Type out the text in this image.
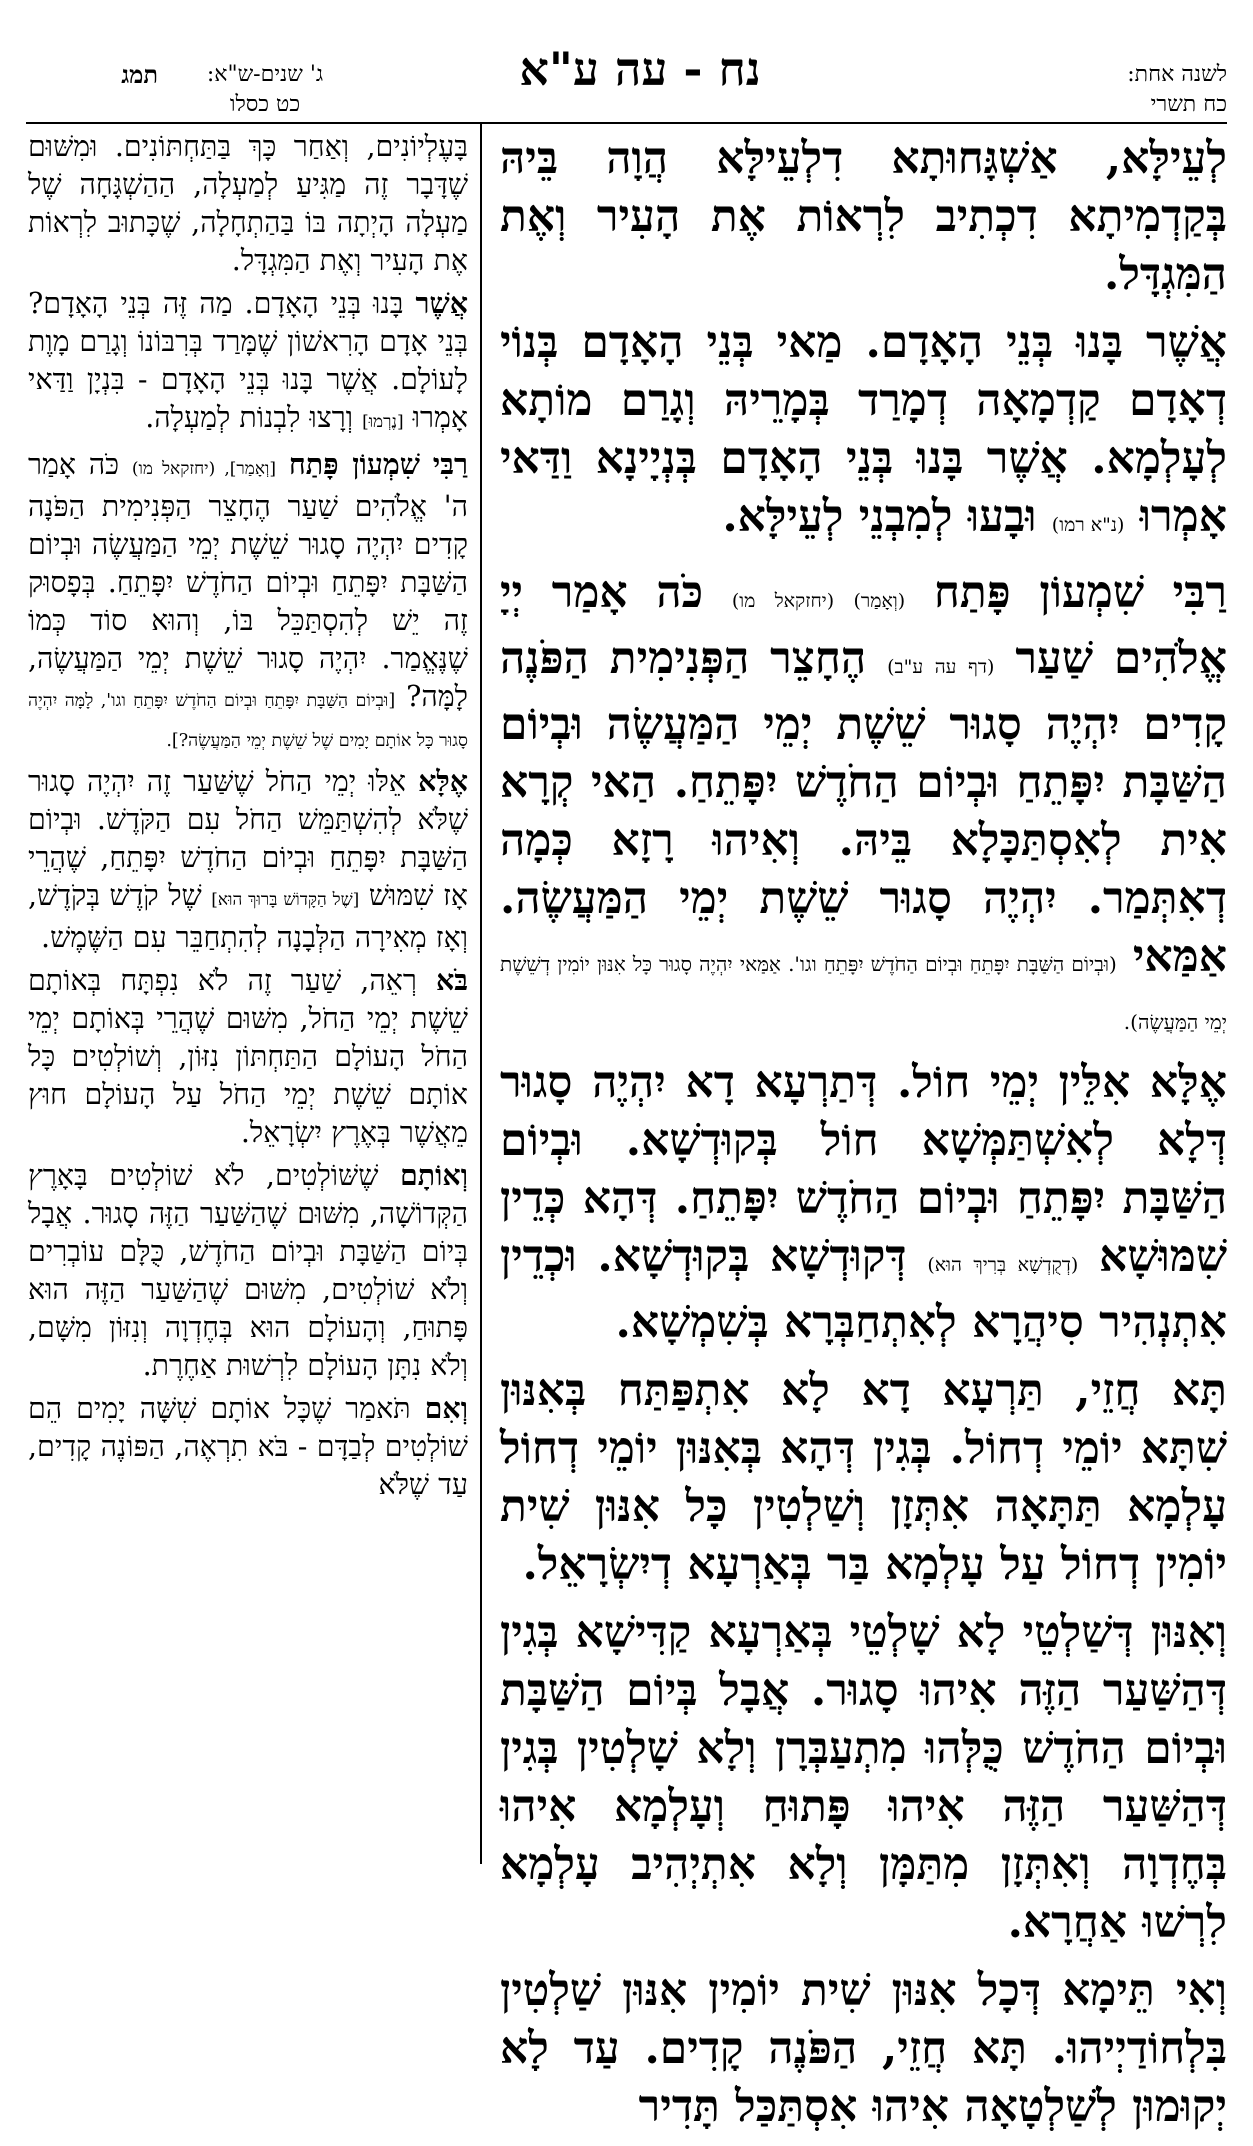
תמג	ג' שנים-ש"א:
כט כסלו
נח - עה ע"א	לשנה אחת:
כח תשרי

לְעֵילָּא, אַשְׁגָּחוּתָא דִלְעֵילָּא הֲוָה בֵּיהּ בְּקַדְמִיתָא דִכְתִיב לִרְאוֹת אֶת הָעִיר וְאֶת הַמִּגְדָּל.

אֲשֶׁר בָּנוּ בְּנֵי הָאָדָם. מַאי בְּנֵי הָאָדָם בְּנוֹי דְאָדָם קַדְמָאָה דְמָרַד בְּמָרֵיהּ וְגָרַם מוֹתָא לְעָלְמָא. אֲשֶׁר בָּנוּ בְּנֵי הָאָדָם בְּנְיָינָא וַדַּאי אָמְרוּ (נ"א רמו) וּבָעוּ לְמִבְנֵי לְעֵילָּא.

רַבִּי שִׁמְעוֹן פָּתַח (וְאָמַר) (יחזקאל מו) כֹּה אָמַר יְיָ אֱלֹהִים שַׁעַר (דף עה ע"ב) הֶחָצֵר הַפְּנִימִית הַפֹּנֶה קָדִים יִהְיֶה סָגוּר שֵׁשֶׁת יְמֵי הַמַּעֲשֶׂה וּבְיוֹם הַשַּׁבָּת יִפָּתֵחַ וּבְיוֹם הַחֹדֶשׁ יִפָּתֵחַ. הַאי קְרָא אִית לְאִסְתַּכָּלָא בֵּיהּ. וְאִיהוּ רָזָא כְּמָה דְאִתְּמַר. יִהְיֶה סָגוּר שֵׁשֶׁת יְמֵי הַמַּעֲשֶׂה. אַמַּאי (וּבְיוֹם הַשַּׁבָּת יִפָּתֵחַ וּבְיוֹם הַחֹדֶשׁ יִפָּתֵחַ וגו'. אַמַּאי יִהְיֶה סָגוּר כָּל אִנּוּן יוֹמִין דְשֵׁשֶׁת יְמֵי הַמַּעֲשֶׂה).

אֶלָּא אִלֵּין יְמֵי חוֹל. דְּתַרְעָא דָא יִהְיֶה סָגוּר דְּלָא לְאִשְׁתַּמְּשָׁא חוֹל בְּקוּדְשָׁא. וּבְיוֹם הַשַּׁבָּת יִפָּתֵחַ וּבְיוֹם הַחֹדֶשׁ יִפָּתֵחַ. דְּהָא כְּדֵין שִׁמּוּשָׁא (דְקֻדְשָׁא בְּרִיךְ הוּא) דְּקוּדְשָׁא בְּקוּדְשָׁא. וּכְדֵין אִתְנְהִיר סִיהֲרָא לְאִתְחַבְּרָא בְּשִׁמְשָׁא.

תָּא חֲזֵי, תַּרְעָא דָא לָא אִתְפַּתַּח בְּאִנּוּן שִׁתָּא יוֹמֵי דְחוֹל. בְּגִין דְּהָא בְּאִנּוּן יוֹמֵי דְחוֹל עָלְמָא תַּתָּאָה אִתְּזָן וְשַׁלְטִין כָּל אִנּוּן שִׁית יוֹמִין דְחוֹל עַל עָלְמָא בַּר בְּאַרְעָא דְיִשְׂרָאֵל.

וְאִנּוּן דְּשַׁלְטֵי לָא שָׁלְטֵי בְּאַרְעָא קַדִּישָׁא בְּגִין דְּהַשַּׁעַר הַזֶּה אִיהוּ סָגוּר. אֲבָל בְּיוֹם הַשַּׁבָּת וּבְיוֹם הַחֹדֶשׁ כֻּלְּהוּ מִתְעַבְּרָן וְלָא שָׁלְטִין בְּגִין דְּהַשַּׁעַר הַזֶּה אִיהוּ פָּתוּחַ וְעָלְמָא אִיהוּ בְּחֶדְוָה וְאִתְּזָן מִתַּמָּן וְלָא אִתְיְהִיב עָלְמָא לִרְשׁוּ אַחֲרָא.

וְאִי תֵּימָא דְּכָל אִנּוּן שִׁית יוֹמִין אִנּוּן שַׁלְטִין בִּלְחוֹדַיְיהוּ. תָּא חֲזֵי, הַפֹּנֶה קָדִים. עַד לָא יְקוּמוּן לְשַׁלְטָאָה אִיהוּ אִסְתַּכַּל תָּדִיר

בָּעֶלְיוֹנִים, וְאַחַר כָּךְ בַּתַּחְתּוֹנִים. וּמִשּׁוּם שֶׁדָּבָר זֶה מַגִּיעַ לְמַעְלָה, הַהַשְׁגָּחָה שֶׁל מַעְלָה הָיְתָה בּוֹ בַּהַתְחָלָה, שֶׁכָּתוּב לִרְאוֹת אֶת הָעִיר וְאֶת הַמִּגְדָּל.

אֲשֶׁר בָּנוּ בְּנֵי הָאָדָם. מַה זֶּה בְּנֵי הָאָדָם? בְּנֵי אָדָם הָרִאשׁוֹן שֶׁמָּרַד בְּרִבּוֹנוֹ וְגָרַם מָוֶת לָעוֹלָם. אֲשֶׁר בָּנוּ בְּנֵי הָאָדָם - בִּנְיָן וַדַּאי אָמְרוּ [נֶרְמוּ] וְרָצוּ לִבְנוֹת לְמַעְלָה.

רַבִּי שִׁמְעוֹן פָּתַח [וְאָמַר], (יחזקאל מו) כֹּה אָמַר ה' אֱלֹהִים שַׁעַר הֶחָצֵר הַפְּנִימִית הַפֹּנָה קָדִים יִהְיֶה סָגוּר שֵׁשֶׁת יְמֵי הַמַּעֲשֶׂה וּבְיוֹם הַשַּׁבָּת יִפָּתֵחַ וּבְיוֹם הַחֹדֶשׁ יִפָּתֵחַ. בְּפָסוּק זֶה יֵשׁ לְהִסְתַּכֵּל בּוֹ, וְהוּא סוֹד כְּמוֹ שֶׁנֶּאֱמַר. יִהְיֶה סָגוּר שֵׁשֶׁת יְמֵי הַמַּעֲשֶׂה, לָמָּה? [וּבְיוֹם הַשַּׁבָּת יִפָּתֵחַ וּבְיוֹם הַחֹדֶשׁ יִפָּתֵחַ וגו', לָמָּה יִהְיֶה סָגוּר כָּל אוֹתָם יָמִים שֶׁל שֵׁשֶׁת יְמֵי הַמַּעֲשֶׂה?].

אֶלָּא אֵלּוּ יְמֵי הַחֹל שֶׁשַּׁעַר זֶה יִהְיֶה סָגוּר שֶׁלֹּא לְהִשְׁתַּמֵּשׁ הַחֹל עִם הַקֹּדֶשׁ. וּבְיוֹם הַשַּׁבָּת יִפָּתֵחַ וּבְיוֹם הַחֹדֶשׁ יִפָּתֵחַ, שֶׁהֲרֵי אָז שִׁמּוּשׁ [שֶׁל הַקָּדוֹשׁ בָּרוּךְ הוּא] שֶׁל קֹדֶשׁ בְּקֹדֶשׁ, וְאָז מְאִירָה הַלְּבָנָה לְהִתְחַבֵּר עִם הַשֶּׁמֶשׁ.

בֹּא רְאֵה, שַׁעַר זֶה לֹא נִפְתָּח בְּאוֹתָם שֵׁשֶׁת יְמֵי הַחֹל, מִשּׁוּם שֶׁהֲרֵי בְּאוֹתָם יְמֵי הַחֹל הָעוֹלָם הַתַּחְתּוֹן נִזּוֹן, וְשׁוֹלְטִים כָּל אוֹתָם שֵׁשֶׁת יְמֵי הַחֹל עַל הָעוֹלָם חוּץ מֵאֲשֶׁר בְּאֶרֶץ יִשְׂרָאֵל.

וְאוֹתָם שֶׁשּׁוֹלְטִים, לֹא שׁוֹלְטִים בָּאָרֶץ הַקְּדוֹשָׁה, מִשּׁוּם שֶׁהַשַּׁעַר הַזֶּה סָגוּר. אֲבָל בְּיוֹם הַשַּׁבָּת וּבְיוֹם הַחֹדֶשׁ, כֻּלָּם עוֹבְרִים וְלֹא שׁוֹלְטִים, מִשּׁוּם שֶׁהַשַּׁעַר הַזֶּה הוּא פָּתוּחַ, וְהָעוֹלָם הוּא בְּחֶדְוָה וְנִזּוֹן מִשָּׁם, וְלֹא נִתָּן הָעוֹלָם לִרְשׁוּת אַחֶרֶת.

וְאִם תֹּאמַר שֶׁכָּל אוֹתָם שִׁשָּׁה יָמִים הֵם שׁוֹלְטִים לְבַדָּם - בֹּא תִרְאֶה, הַפּוֹנֶה קָדִים, עַד שֶׁלֹּא
